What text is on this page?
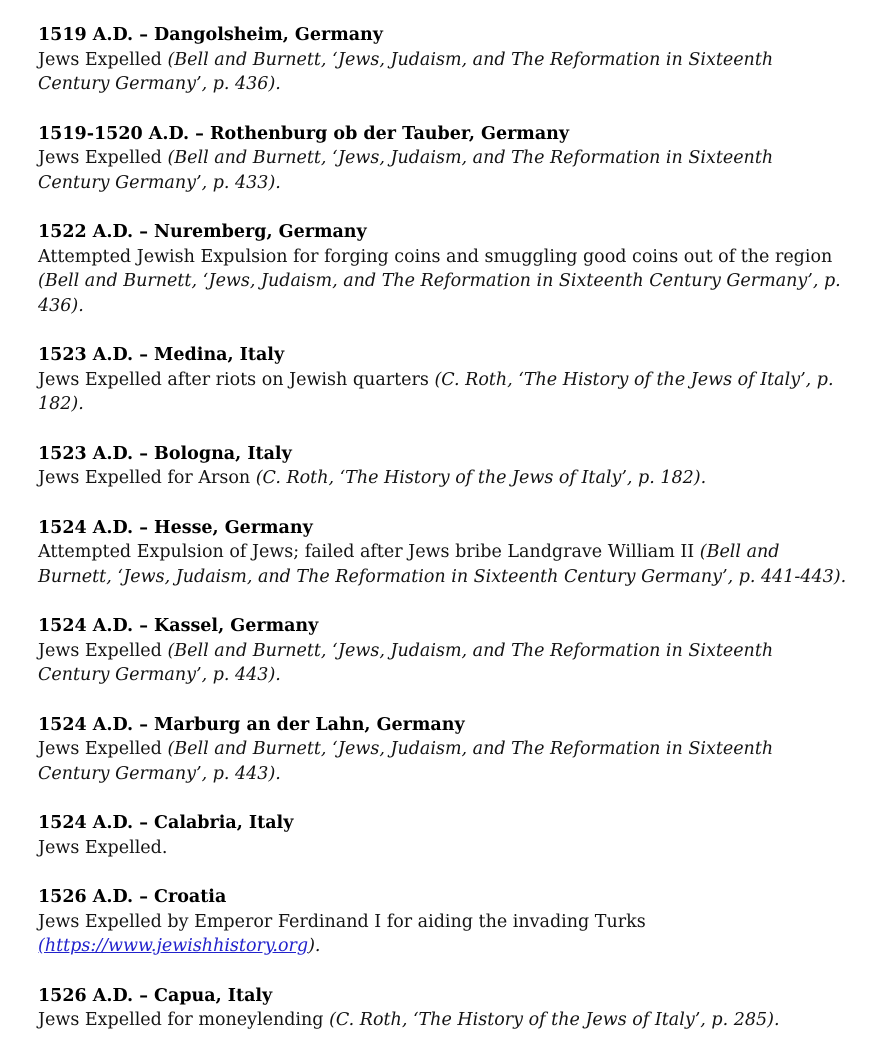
1519 A.D. – Dangolsheim, Germany

Jews Expelled (Bell and Burnett, ‘Jews, Judaism, and The Reformation in Sixteenth Century Germany’, p. 436).

1519-1520 A.D. – Rothenburg ob der Tauber, Germany

Jews Expelled (Bell and Burnett, ‘Jews, Judaism, and The Reformation in Sixteenth Century Germany’, p. 433).

1522 A.D. – Nuremberg, Germany

Attempted Jewish Expulsion for forging coins and smuggling good coins out of the region (Bell and Burnett, ‘Jews, Judaism, and The Reformation in Sixteenth Century Germany’, p. 436).

1523 A.D. – Medina, Italy

Jews Expelled after riots on Jewish quarters (C. Roth, ‘The History of the Jews of Italy’, p. 182).

1523 A.D. – Bologna, Italy

Jews Expelled for Arson (C. Roth, ‘The History of the Jews of Italy’, p. 182).

1524 A.D. – Hesse, Germany

Attempted Expulsion of Jews; failed after Jews bribe Landgrave William II (Bell and Burnett, ‘Jews, Judaism, and The Reformation in Sixteenth Century Germany’, p. 441-443).

1524 A.D. – Kassel, Germany

Jews Expelled (Bell and Burnett, ‘Jews, Judaism, and The Reformation in Sixteenth Century Germany’, p. 443).

1524 A.D. – Marburg an der Lahn, Germany

Jews Expelled (Bell and Burnett, ‘Jews, Judaism, and The Reformation in Sixteenth Century Germany’, p. 443).

1524 A.D. – Calabria, Italy

Jews Expelled.

1526 A.D. – Croatia

Jews Expelled by Emperor Ferdinand I for aiding the invading Turks (https://www.jewishhistory.org).

1526 A.D. – Capua, Italy

Jews Expelled for moneylending (C. Roth, ‘The History of the Jews of Italy’, p. 285).
